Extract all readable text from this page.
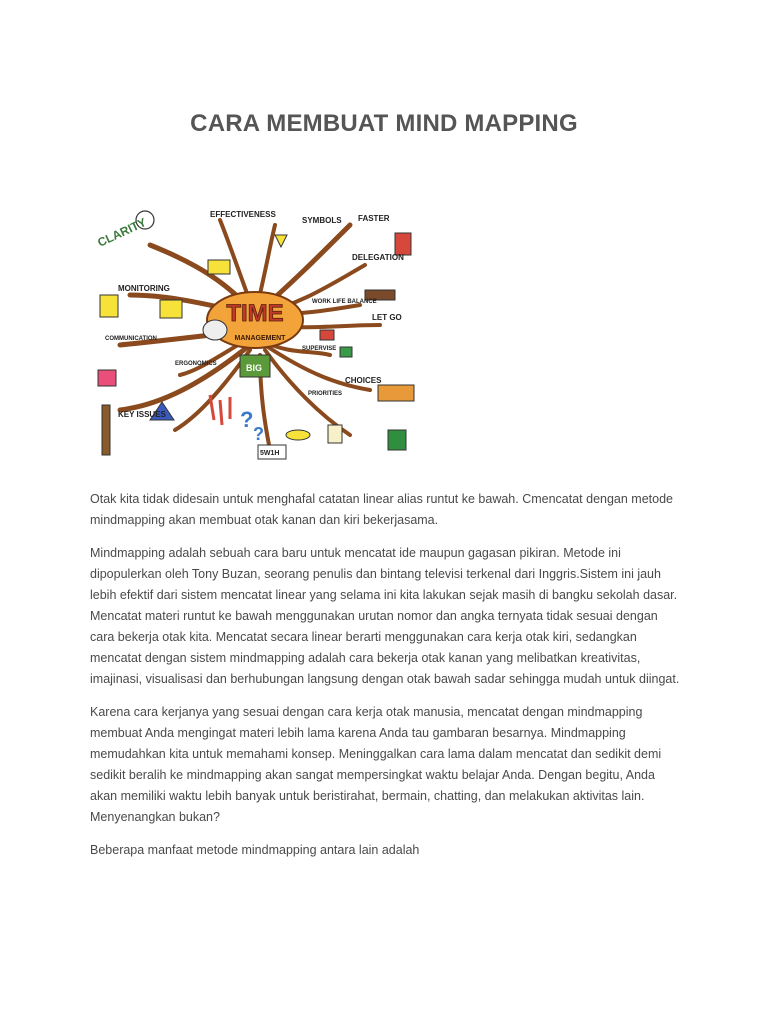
CARA MEMBUAT MIND MAPPING
TIME
MANAGEMENT
?
?
CLARITY
EFFECTIVENESS
SYMBOLS FASTER
DELEGATION
MONITORING
WORK LIFE BALANCE
LET GO
COMMUNICATION
ERGONOMICS
SUPERVISE
CHOICES
KEY ISSUES
PRIORITIES
5W1H
BIG

Otak kita tidak didesain untuk menghafal catatan linear alias runtut ke bawah. Cmencatat dengan metode mindmapping akan membuat otak kanan dan kiri bekerjasama.

Mindmapping adalah sebuah cara baru untuk mencatat ide maupun gagasan pikiran. Metode ini dipopulerkan oleh Tony Buzan, seorang penulis dan bintang televisi terkenal dari Inggris.Sistem ini jauh lebih efektif dari sistem mencatat linear yang selama ini kita lakukan sejak masih di bangku sekolah dasar. Mencatat materi runtut ke bawah menggunakan urutan nomor dan angka ternyata tidak sesuai dengan cara bekerja otak kita. Mencatat secara linear berarti menggunakan cara kerja otak kiri, sedangkan mencatat dengan sistem mindmapping adalah cara bekerja otak kanan yang melibatkan kreativitas, imajinasi, visualisasi dan berhubungan langsung dengan otak bawah sadar sehingga mudah untuk diingat.

Karena cara kerjanya yang sesuai dengan cara kerja otak manusia, mencatat dengan mindmapping membuat Anda mengingat materi lebih lama karena Anda tau gambaran besarnya. Mindmapping memudahkan kita untuk memahami konsep. Meninggalkan cara lama dalam mencatat dan sedikit demi sedikit beralih ke mindmapping akan sangat mempersingkat waktu belajar Anda. Dengan begitu, Anda akan memiliki waktu lebih banyak untuk beristirahat, bermain, chatting, dan melakukan aktivitas lain. Menyenangkan bukan?

Beberapa manfaat metode mindmapping antara lain adalah
